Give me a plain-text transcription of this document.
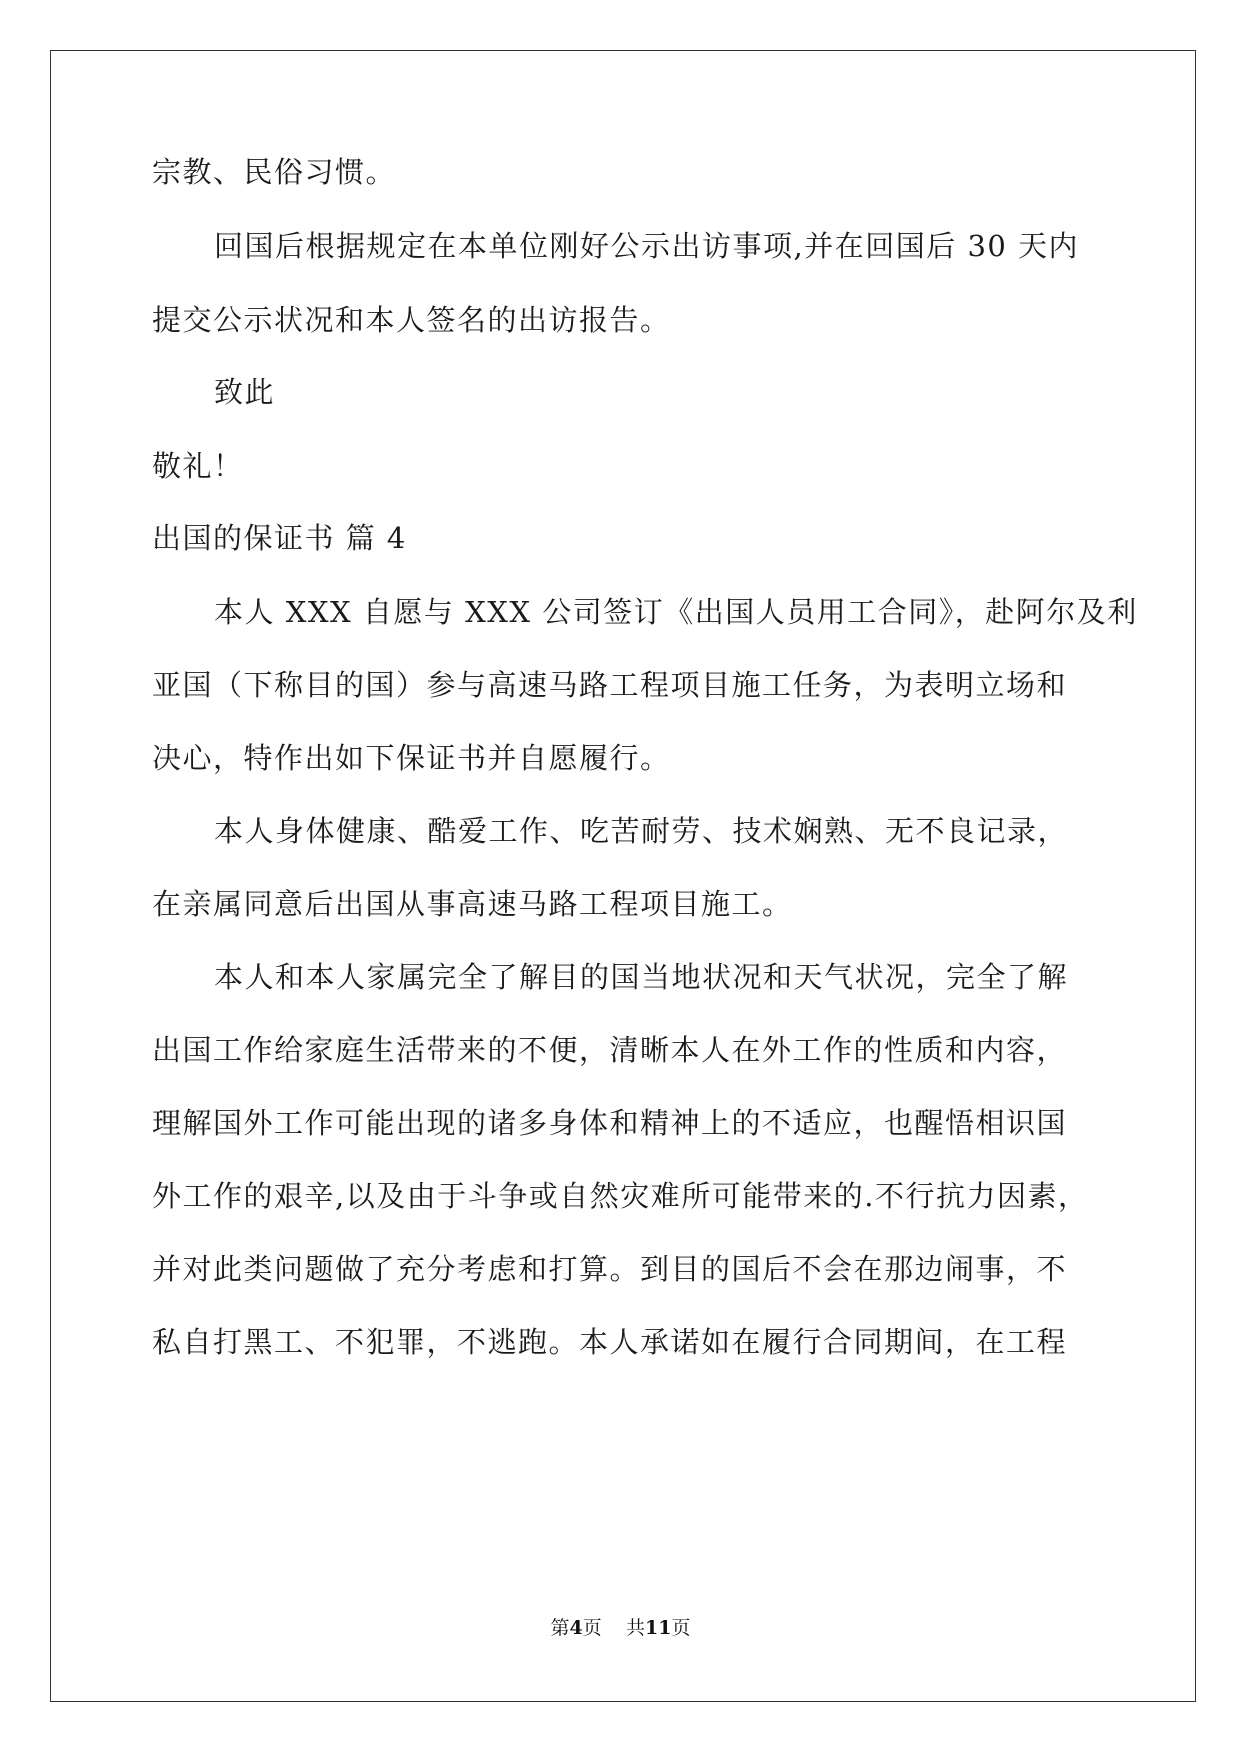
宗教、民俗习惯。
回国后根据规定在本单位刚好公示出访事项,并在回国后 30 天内
提交公示状况和本人签名的出访报告。
致此
敬礼！
出国的保证书 篇 4
本人 XXX 自愿与 XXX 公司签订《出国人员用工合同》，赴阿尔及利
亚国（下称目的国）参与高速马路工程项目施工任务，为表明立场和
决心，特作出如下保证书并自愿履行。
本人身体健康、酷爱工作、吃苦耐劳、技术娴熟、无不良记录，
在亲属同意后出国从事高速马路工程项目施工。
本人和本人家属完全了解目的国当地状况和天气状况，完全了解
出国工作给家庭生活带来的不便，清晰本人在外工作的性质和内容，
理解国外工作可能出现的诸多身体和精神上的不适应，也醒悟相识国
外工作的艰辛,以及由于斗争或自然灾难所可能带来的.不行抗力因素，
并对此类问题做了充分考虑和打算。到目的国后不会在那边闹事，不
私自打黑工、不犯罪，不逃跑。本人承诺如在履行合同期间，在工程
第4页 共11页
